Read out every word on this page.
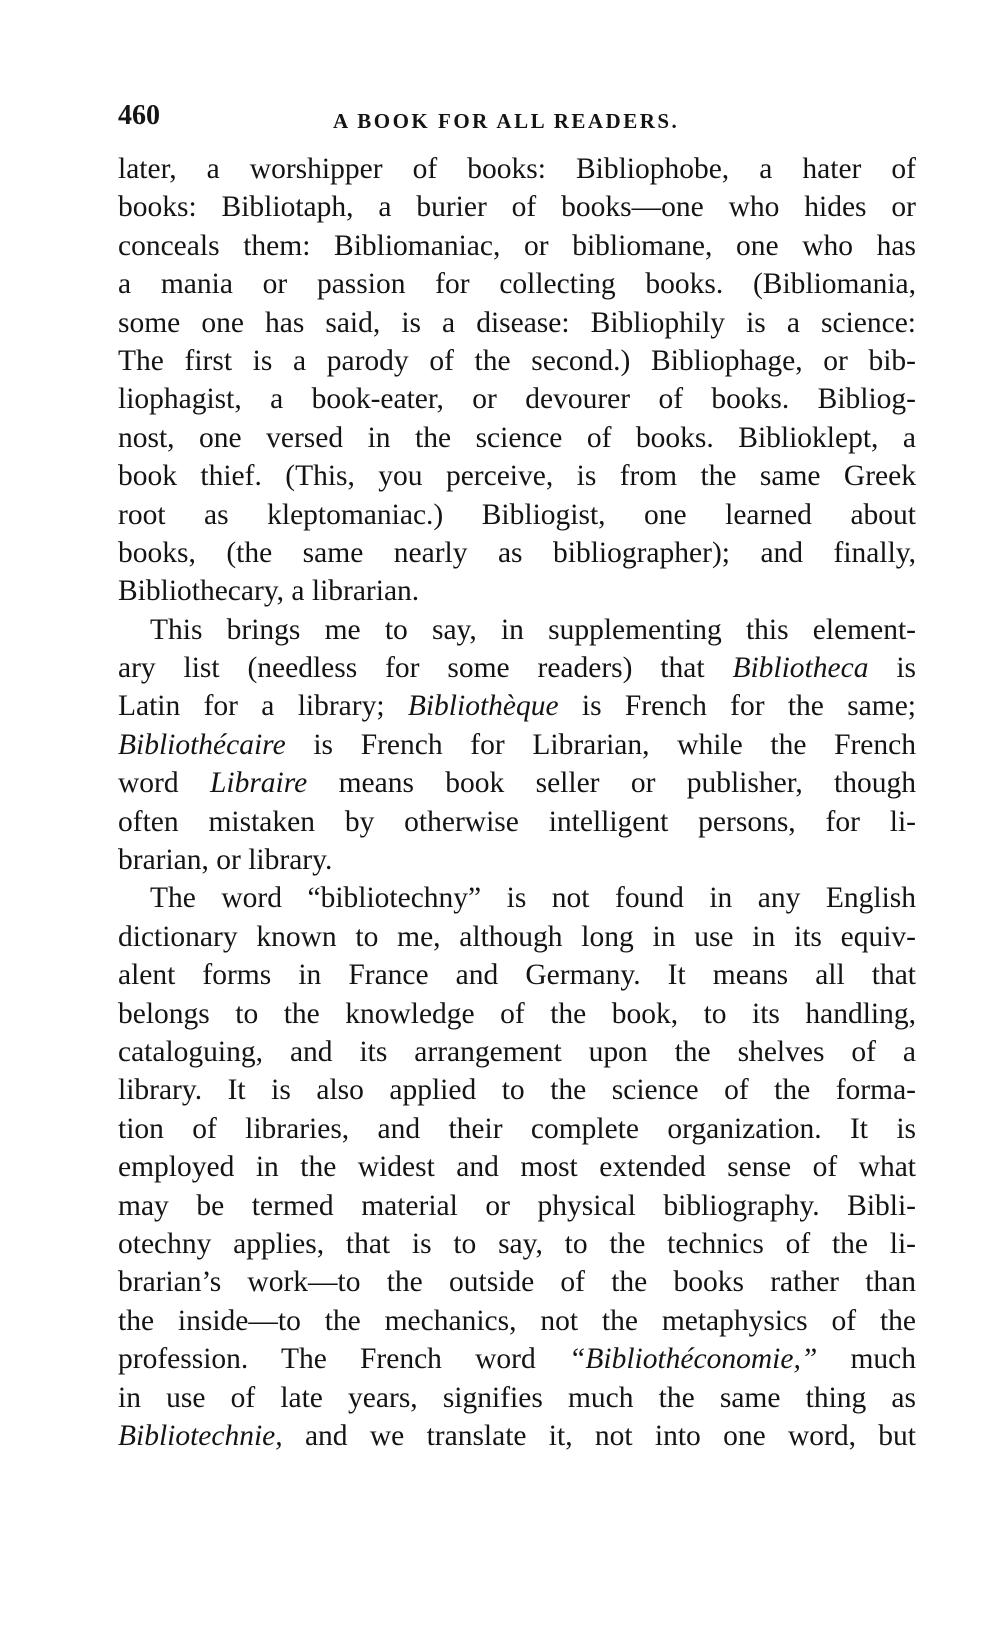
460	A BOOK FOR ALL READERS.
later, a worshipper of books: Bibliophobe, a hater of
books: Bibliotaph, a burier of books—one who hides or
conceals them: Bibliomaniac, or bibliomane, one who has
a mania or passion for collecting books. (Bibliomania,
some one has said, is a disease: Bibliophily is a science:
The first is a parody of the second.) Bibliophage, or bib-
liophagist, a book-eater, or devourer of books. Bibliog-
nost, one versed in the science of books. Biblioklept, a
book thief. (This, you perceive, is from the same Greek
root as kleptomaniac.) Bibliogist, one learned about
books, (the same nearly as bibliographer); and finally,
Bibliothecary, a librarian.
This brings me to say, in supplementing this element-
ary list (needless for some readers) that Bibliotheca is
Latin for a library; Bibliothèque is French for the same;
Bibliothécaire is French for Librarian, while the French
word Libraire means book seller or publisher, though
often mistaken by otherwise intelligent persons, for li-
brarian, or library.
The word “bibliotechny” is not found in any English
dictionary known to me, although long in use in its equiv-
alent forms in France and Germany. It means all that
belongs to the knowledge of the book, to its handling,
cataloguing, and its arrangement upon the shelves of a
library. It is also applied to the science of the forma-
tion of libraries, and their complete organization. It is
employed in the widest and most extended sense of what
may be termed material or physical bibliography. Bibli-
otechny applies, that is to say, to the technics of the li-
brarian’s work—to the outside of the books rather than
the inside—to the mechanics, not the metaphysics of the
profession. The French word “Bibliothéconomie,” much
in use of late years, signifies much the same thing as
Bibliotechnie, and we translate it, not into one word, but
